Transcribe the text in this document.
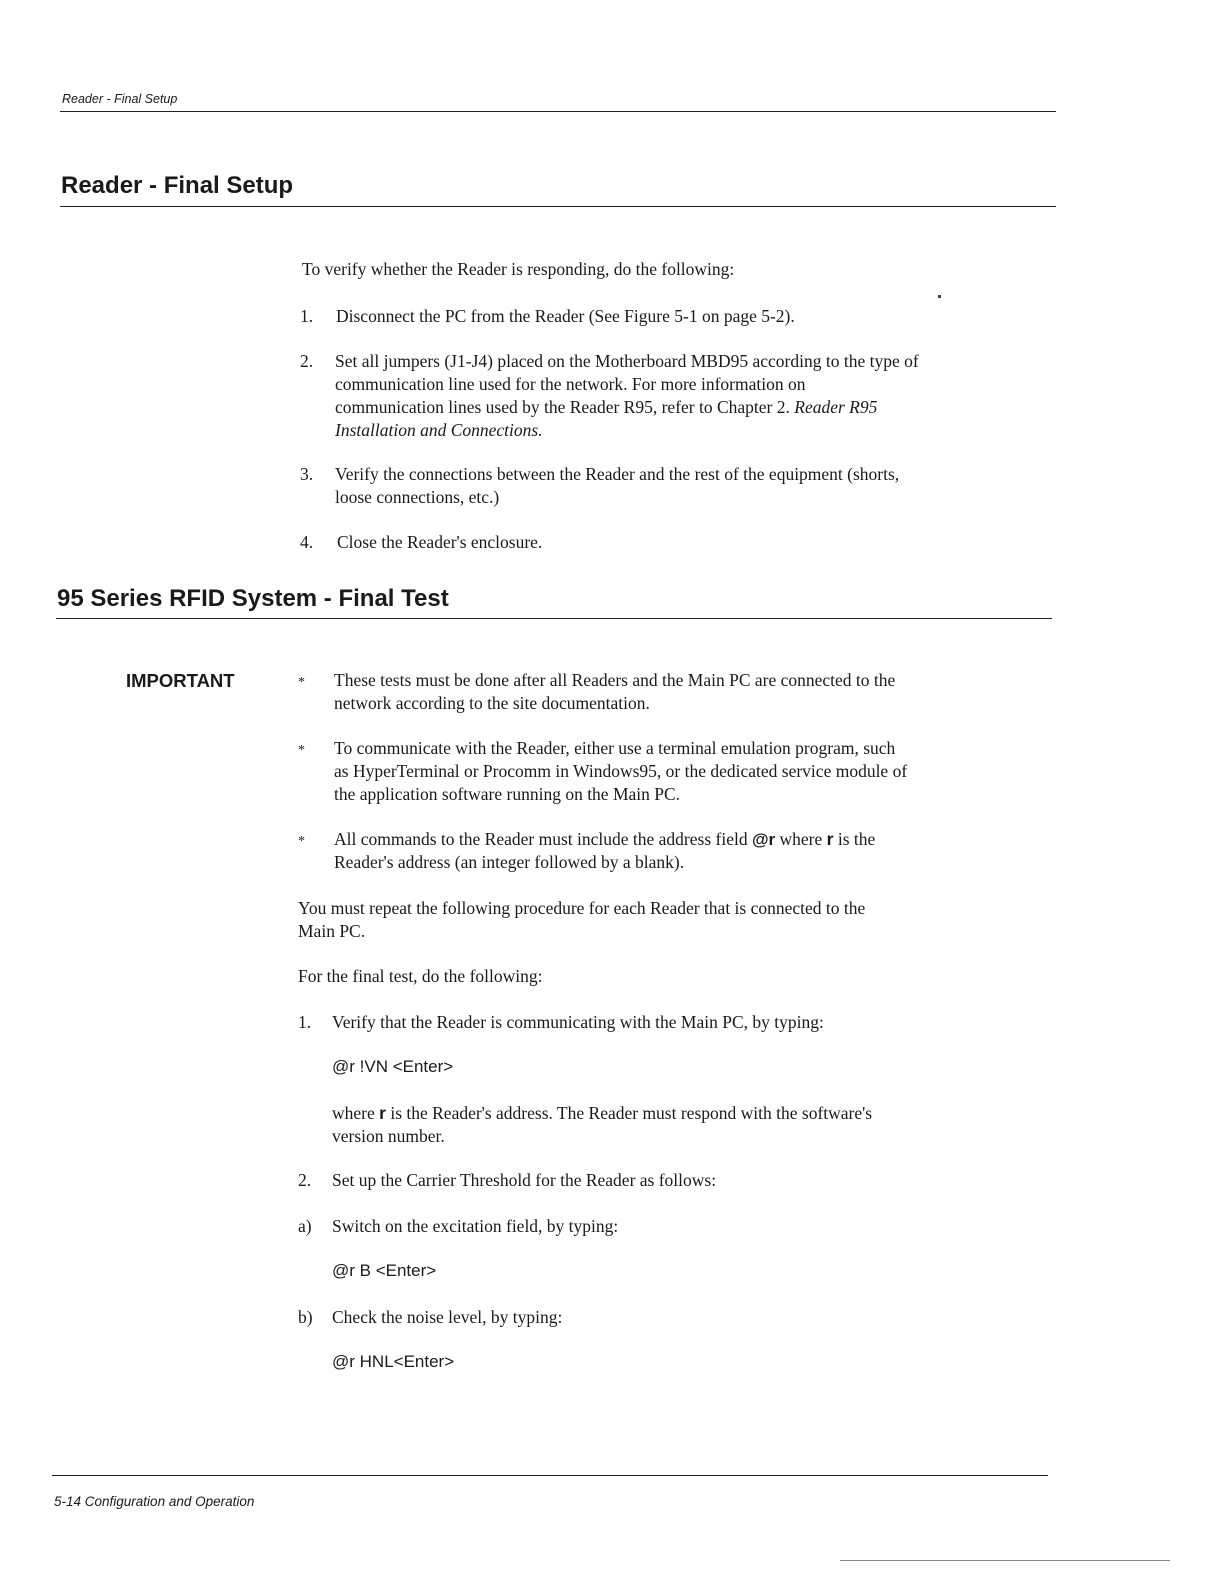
Reader - Final Setup
Reader - Final Setup
To verify whether the Reader is responding, do the following:
1. Disconnect the PC from the Reader (See Figure 5-1 on page 5-2).
2. Set all jumpers (J1-J4) placed on the Motherboard MBD95 according to the type of
communication line used for the network. For more information on
communication lines used by the Reader R95, refer to Chapter 2. Reader R95
Installation and Connections.
3. Verify the connections between the Reader and the rest of the equipment (shorts,
loose connections, etc.)
4. Close the Reader's enclosure.
95 Series RFID System - Final Test
IMPORTANT	* These tests must be done after all Readers and the Main PC are connected to the
network according to the site documentation.
* To communicate with the Reader, either use a terminal emulation program, such
as HyperTerminal or Procomm in Windows95, or the dedicated service module of
the application software running on the Main PC.
* All commands to the Reader must include the address field @r where r is the
Reader's address (an integer followed by a blank).
You must repeat the following procedure for each Reader that is connected to the
Main PC.
For the final test, do the following:
1. Verify that the Reader is communicating with the Main PC, by typing:
@r !VN <Enter>
where r is the Reader's address. The Reader must respond with the software's
version number.
2. Set up the Carrier Threshold for the Reader as follows:
a) Switch on the excitation field, by typing:
@r B <Enter>
b) Check the noise level, by typing:
@r HNL<Enter>
5-14 Configuration and Operation
